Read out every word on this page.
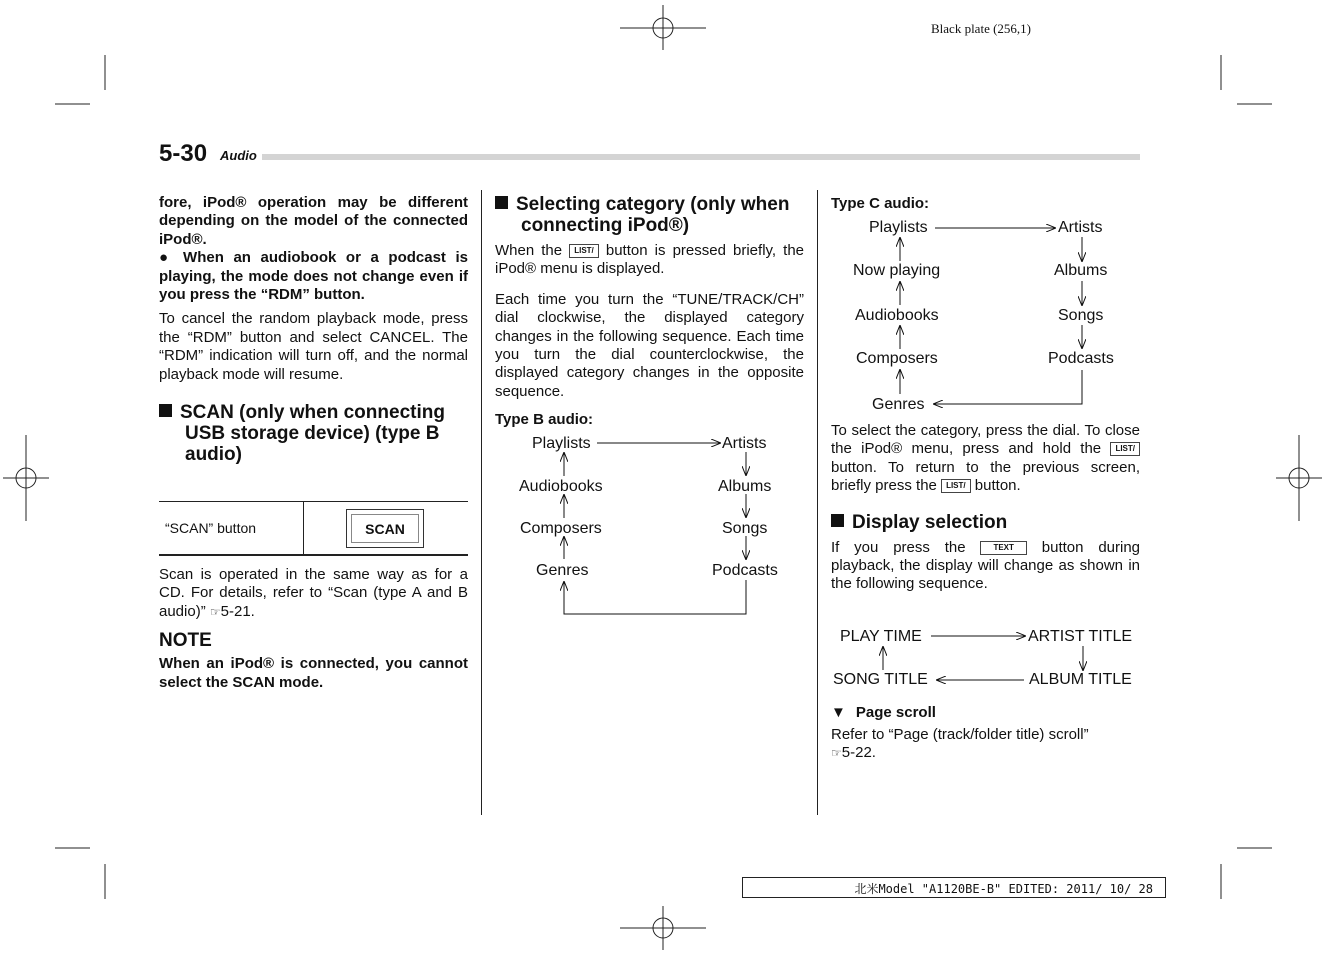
Black plate (256,1)
5-30 Audio

fore, iPod® operation may be different depending on the model of the connected iPod®.

● When an audiobook or a podcast is playing, the mode does not change even if you press the “RDM” button.

To cancel the random playback mode, press the “RDM” button and select CANCEL. The “RDM” indication will turn off, and the normal playback mode will resume.

SCAN (only when connecting USB storage device) (type B audio)
“SCAN” button	SCAN

Scan is operated in the same way as for a CD. For details, refer to “Scan (type A and B audio)” ☞5-21.

NOTE

When an iPod® is connected, you cannot select the SCAN mode.

Selecting category (only when connecting iPod®)

When the LIST/ button is pressed briefly, the iPod® menu is displayed.

Each time you turn the “TUNE/TRACK/CH” dial clockwise, the displayed category changes in the following sequence. Each time you turn the dial counterclockwise, the displayed category changes in the opposite sequence.

Type B audio:
Playlists
Audiobooks
Composers
Genres
Artists
Albums
Songs
Podcasts
Type C audio:
Playlists
Now playing
Audiobooks
Composers
Genres
Artists
Albums
Songs
Podcasts

To select the category, press the dial. To close the iPod® menu, press and hold the LIST/ button. To return to the previous screen, briefly press the LIST/ button.

Display selection

If you press the	TEXT button during playback, the display will change as shown in the following sequence.

PLAY TIME	ARTIST TITLE
ALBUM TITLE
SONG TITLE
▼ Page scroll

Refer to “Page (track/folder title) scroll”
☞5-22.

北米Model "A1120BE-B" EDITED: 2011/ 10/ 28
